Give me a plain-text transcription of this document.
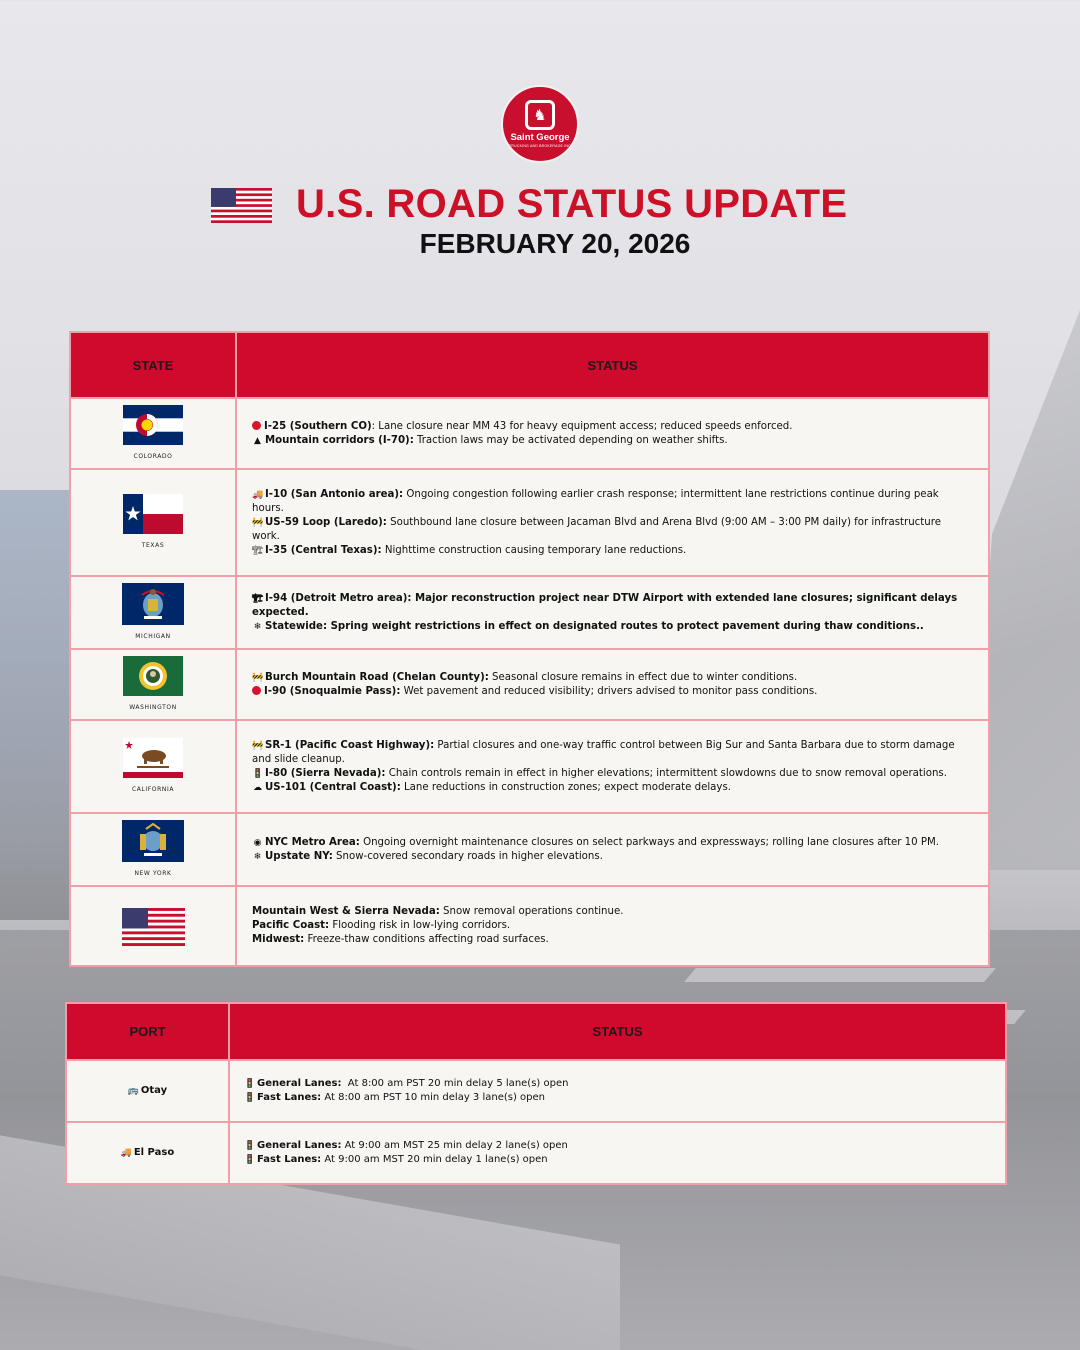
♞
Saint George
TRUCKING AND BROKERAGE INC
U.S. ROAD STATUS UPDATE
FEBRUARY 20, 2026
STATE	STATUS

COLORADO	I-25 (Southern CO): Lane closure near MM 43 for heavy equipment access; reduced speeds enforced.
▲ Mountain corridors (I-70): Traction laws may be activated depending on weather shifts.

TEXAS	🚚 I-10 (San Antonio area): Ongoing congestion following earlier crash response; intermittent lane restrictions continue during peak hours.
🚧 US-59 Loop (Laredo): Southbound lane closure between Jacaman Blvd and Arena Blvd (9:00 AM – 3:00 PM daily) for infrastructure work.
🏗 I-35 (Central Texas): Nighttime construction causing temporary lane reductions.

MICHIGAN	🏗 I-94 (Detroit Metro area): Major reconstruction project near DTW Airport with extended lane closures; significant delays expected.
❄ Statewide: Spring weight restrictions in effect on designated routes to protect pavement during thaw conditions..

WASHINGTON	🚧 Burch Mountain Road (Chelan County): Seasonal closure remains in effect due to winter conditions.
I-90 (Snoqualmie Pass): Wet pavement and reduced visibility; drivers advised to monitor pass conditions.

CALIFORNIA	🚧 SR-1 (Pacific Coast Highway): Partial closures and one-way traffic control between Big Sur and Santa Barbara due to storm damage and slide cleanup.
🚦 I-80 (Sierra Nevada): Chain controls remain in effect in higher elevations; intermittent slowdowns due to snow removal operations.
☁ US-101 (Central Coast): Lane reductions in construction zones; expect moderate delays.

NEW YORK	◉ NYC Metro Area: Ongoing overnight maintenance closures on select parkways and expressways; rolling lane closures after 10 PM.
❄ Upstate NY: Snow-covered secondary roads in higher elevations.

Mountain West & Sierra Nevada: Snow removal operations continue.
Pacific Coast: Flooding risk in low-lying corridors.
Midwest: Freeze-thaw conditions affecting road surfaces.
PORT	STATUS
🚌 Otay	🚦 General Lanes:  At 8:00 am PST 20 min delay 5 lane(s) open
🚦 Fast Lanes: At 8:00 am PST 10 min delay 3 lane(s) open

🚚 El Paso	🚦 General Lanes: At 9:00 am MST 25 min delay 2 lane(s) open
🚦 Fast Lanes: At 9:00 am MST 20 min delay 1 lane(s) open
